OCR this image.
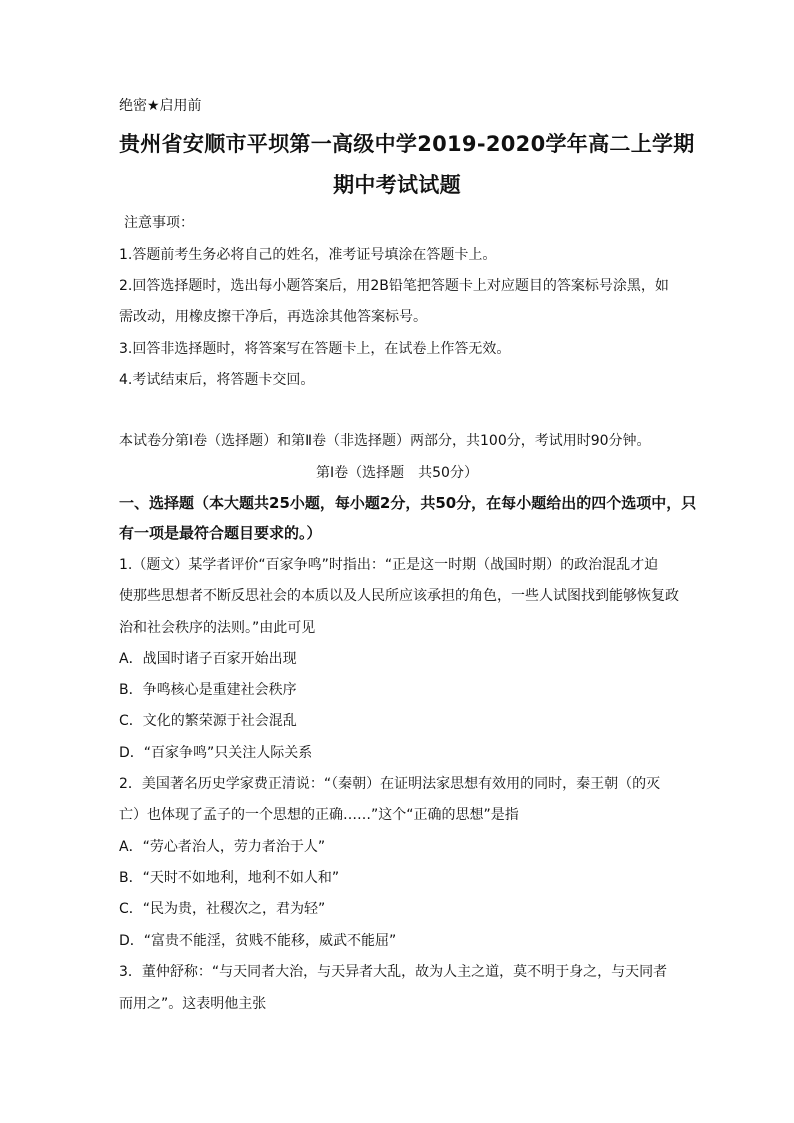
绝密★启用前
贵州省安顺市平坝第一高级中学2019-2020学年高二上学期
期中考试试题
注意事项：
1.答题前考生务必将自己的姓名，准考证号填涂在答题卡上。
2.回答选择题时，选出每小题答案后，用2B铅笔把答题卡上对应题目的答案标号涂黑，如
需改动，用橡皮擦干净后，再选涂其他答案标号。
3.回答非选择题时，将答案写在答题卡上，在试卷上作答无效。
4.考试结束后，将答题卡交回。
本试卷分第Ⅰ卷（选择题）和第Ⅱ卷（非选择题）两部分，共100分，考试用时90分钟。
第Ⅰ卷（选择题　共50分）
一、选择题（本大题共25小题，每小题2分，共50分，在每小题给出的四个选项中，只
有一项是最符合题目要求的。）
1.（题文）某学者评价“百家争鸣”时指出：“正是这一时期（战国时期）的政治混乱才迫
使那些思想者不断反思社会的本质以及人民所应该承担的角色，一些人试图找到能够恢复政
治和社会秩序的法则。”由此可见
A．战国时诸子百家开始出现
B．争鸣核心是重建社会秩序
C．文化的繁荣源于社会混乱
D．“百家争鸣”只关注人际关系
2．美国著名历史学家费正清说：“（秦朝）在证明法家思想有效用的同时，秦王朝（的灭
亡）也体现了孟子的一个思想的正确……”这个“正确的思想”是指
A．“劳心者治人，劳力者治于人”
B．“天时不如地利，地利不如人和”
C．“民为贵，社稷次之，君为轻”
D．“富贵不能淫，贫贱不能移，威武不能屈”
3．董仲舒称：“与天同者大治，与天异者大乱，故为人主之道，莫不明于身之，与天同者
而用之”。这表明他主张
